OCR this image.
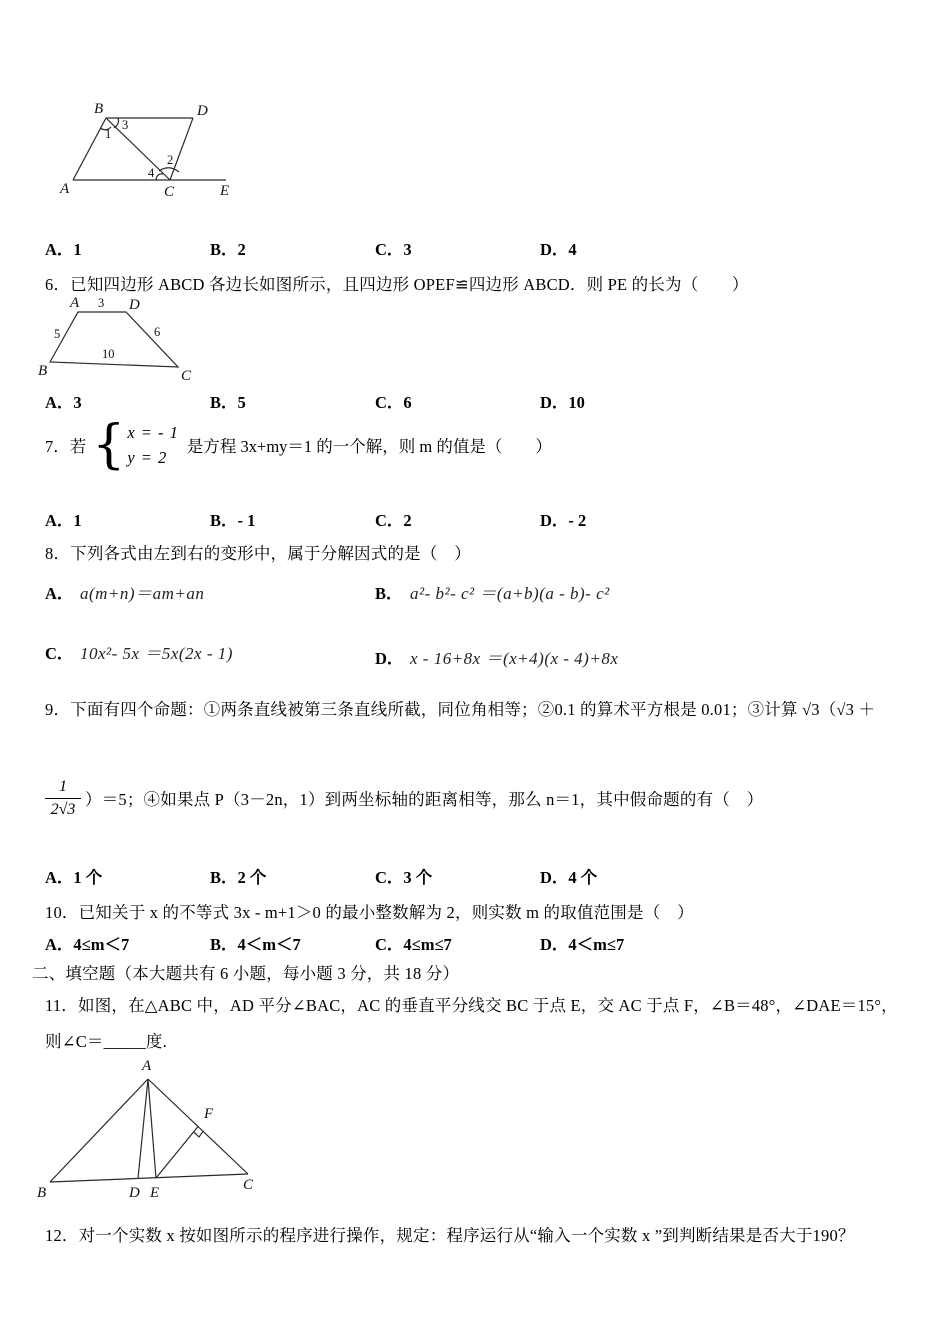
B	D
A	C	E
1
3
2
4
A．1	B．2	C．3	D．4
6．已知四边形 ABCD 各边长如图所示，且四边形 OPEF≌四边形 ABCD．则 PE 的长为（　　）
A	D
B	C
3
5	6
10
A．3	B．5	C．6	D．10
7．若 { x = - 1
y = 2
是方程 3x+my＝1 的一个解，则 m 的值是（　　）
A．1	B．- 1	C．2	D．- 2
8．下列各式由左到右的变形中，属于分解因式的是（　）
A． a(m+n)＝am+an	B． a²- b²- c² ＝(a+b)(a - b)- c²
C． 10x²- 5x ＝5x(2x - 1)	D． x - 16+8x ＝(x+4)(x - 4)+8x
9．下面有四个命题：①两条直线被第三条直线所截，同位角相等；②0.1 的算术平方根是 0.01；③计算 √3（√3 ＋
$\frac{1}{2√3} )=5$；④如果点 P（3－2n，1）到两坐标轴的距离相等，那么 n＝1，其中假命题的有（　）
A．1 个	B．2 个	C．3 个	D．4 个
10．已知关于 x 的不等式 3x - m+1＞0 的最小整数解为 2，则实数 m 的取值范围是（　）
A．4≤m＜7	B．4＜m＜7	C．4≤m≤7	D．4＜m≤7
二、填空题（本大题共有 6 小题，每小题 3 分，共 18 分）
11．如图，在△ABC 中，AD 平分∠BAC，AC 的垂直平分线交 BC 于点 E，交 AC 于点 F，∠B＝48°，∠DAE＝15°，
则∠C＝_____度.
A
B	C
D E
F
12．对一个实数 x 按如图所示的程序进行操作，规定：程序运行从“输入一个实数 x ”到判断结果是否大于190？
